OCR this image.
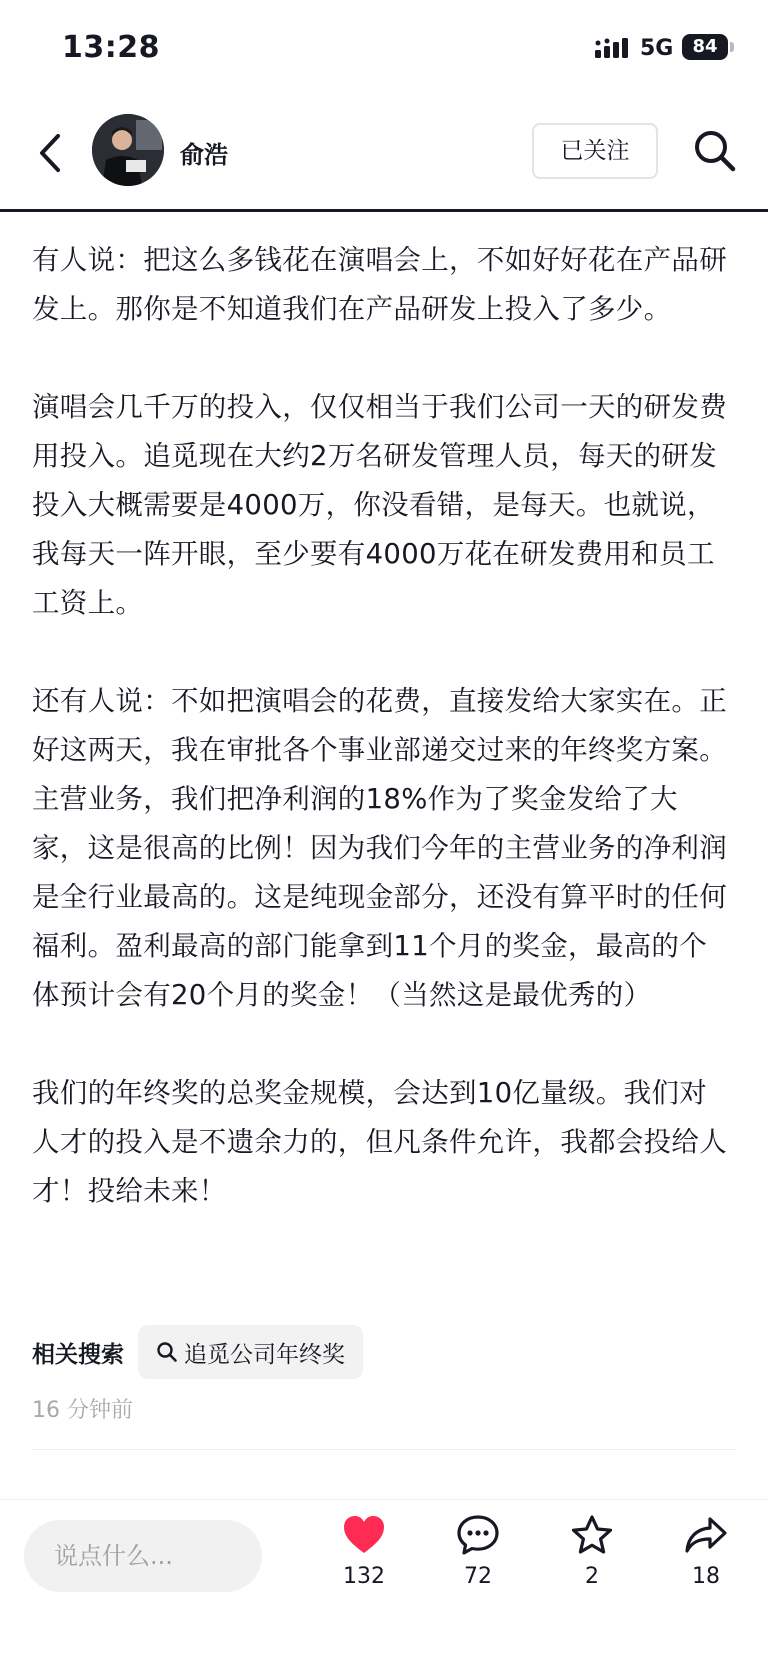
13:28	5G	84
俞浩	已关注

有人说：把这么多钱花在演唱会上，不如好好花在产品研发上。那你是不知道我们在产品研发上投入了多少。

演唱会几千万的投入，仅仅相当于我们公司一天的研发费用投入。追觅现在大约2万名研发管理人员，每天的研发投入大概需要是4000万，你没看错，是每天。也就说，我每天一阵开眼，至少要有4000万花在研发费用和员工工资上。

还有人说：不如把演唱会的花费，直接发给大家实在。正好这两天，我在审批各个事业部递交过来的年终奖方案。主营业务，我们把净利润的18%作为了奖金发给了大家，这是很高的比例！因为我们今年的主营业务的净利润是全行业最高的。这是纯现金部分，还没有算平时的任何福利。盈利最高的部门能拿到11个月的奖金，最高的个体预计会有20个月的奖金！（当然这是最优秀的）

我们的年终奖的总奖金规模，会达到10亿量级。我们对人才的投入是不遗余力的，但凡条件允许，我都会投给人才！投给未来！

相关搜索	追觅公司年终奖
16 分钟前
说点什么...
132	72	2	18
